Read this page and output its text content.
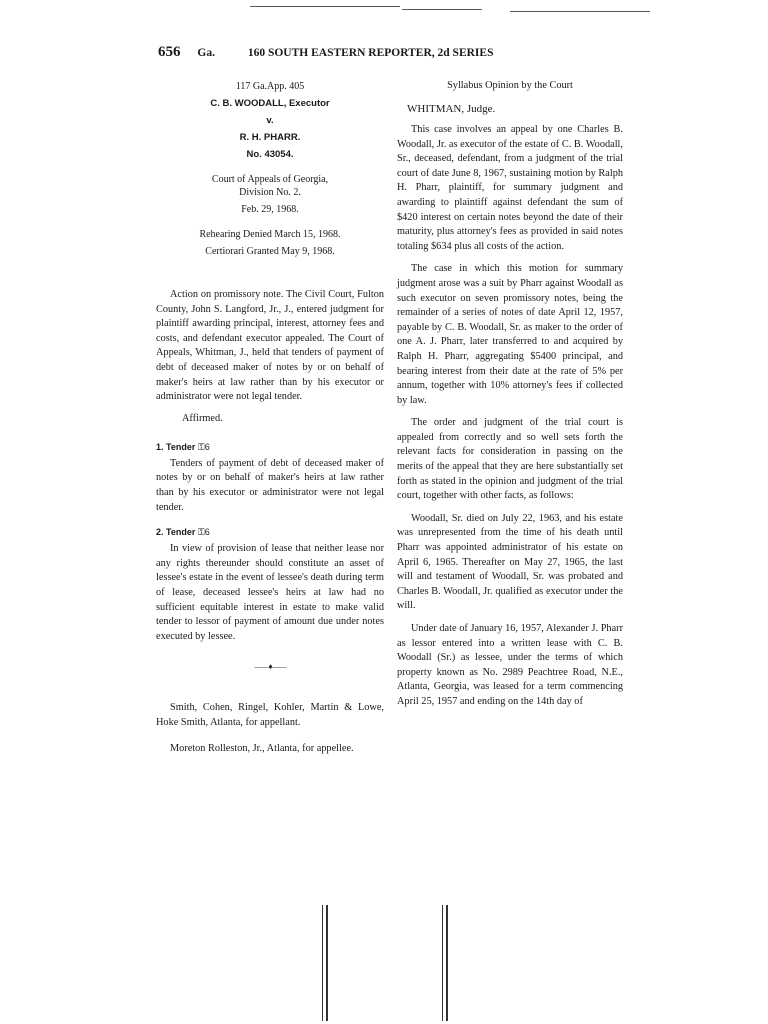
656 Ga.	160 SOUTH EASTERN REPORTER, 2d SERIES

117 Ga.App. 405

C. B. WOODALL, Executor

v.

R. H. PHARR.

No. 43054.

Court of Appeals of Georgia,

Division No. 2.

Feb. 29, 1968.

Rehearing Denied March 15, 1968.

Certiorari Granted May 9, 1968.

Action on promissory note. The Civil Court, Fulton County, John S. Langford, Jr., J., entered judgment for plaintiff awarding principal, interest, attorney fees and costs, and defendant executor appealed. The Court of Appeals, Whitman, J., held that tenders of payment of debt of deceased maker of notes by or on behalf of maker's heirs at law rather than by his executor or administrator were not legal tender.

Affirmed.

1. Tender ⚿6

Tenders of payment of debt of deceased maker of notes by or on behalf of maker's heirs at law rather than by his executor or administrator were not legal tender.

2. Tender ⚿6

In view of provision of lease that neither lease nor any rights thereunder should constitute an asset of lessee's estate in the event of lessee's death during term of lease, deceased lessee's heirs at law had no sufficient equitable interest in estate to make valid tender to lessor of payment of amount due under notes executed by lessee.

——♦——

Smith, Cohen, Ringel, Kohler, Martin & Lowe, Hoke Smith, Atlanta, for appellant.

Moreton Rolleston, Jr., Atlanta, for appellee.

Syllabus Opinion by the Court

WHITMAN, Judge.

This case involves an appeal by one Charles B. Woodall, Jr. as executor of the estate of C. B. Woodall, Sr., deceased, defendant, from a judgment of the trial court of date June 8, 1967, sustaining motion by Ralph H. Pharr, plaintiff, for summary judgment and awarding to plaintiff against defendant the sum of $420 interest on certain notes beyond the date of their maturity, plus attorney's fees as provided in said notes totaling $634 plus all costs of the action.

The case in which this motion for summary judgment arose was a suit by Pharr against Woodall as such executor on seven promissory notes, being the remainder of a series of notes of date April 12, 1957, payable by C. B. Woodall, Sr. as maker to the order of one A. J. Pharr, later transferred to and acquired by Ralph H. Pharr, aggregating $5400 principal, and bearing interest from their date at the rate of 5% per annum, together with 10% attorney's fees if collected by law.

The order and judgment of the trial court is appealed from correctly and so well sets forth the relevant facts for consideration in passing on the merits of the appeal that they are here substantially set forth as stated in the opinion and judgment of the trial court, together with other facts, as follows:

Woodall, Sr. died on July 22, 1963, and his estate was unrepresented from the time of his death until Pharr was appointed administrator of his estate on April 6, 1965. Thereafter on May 27, 1965, the last will and testament of Woodall, Sr. was probated and Charles B. Woodall, Jr. qualified as executor under the will.

Under date of January 16, 1957, Alexander J. Pharr as lessor entered into a written lease with C. B. Woodall (Sr.) as lessee, under the terms of which property known as No. 2989 Peachtree Road, N.E., Atlanta, Georgia, was leased for a term commencing April 25, 1957 and ending on the 14th day of
